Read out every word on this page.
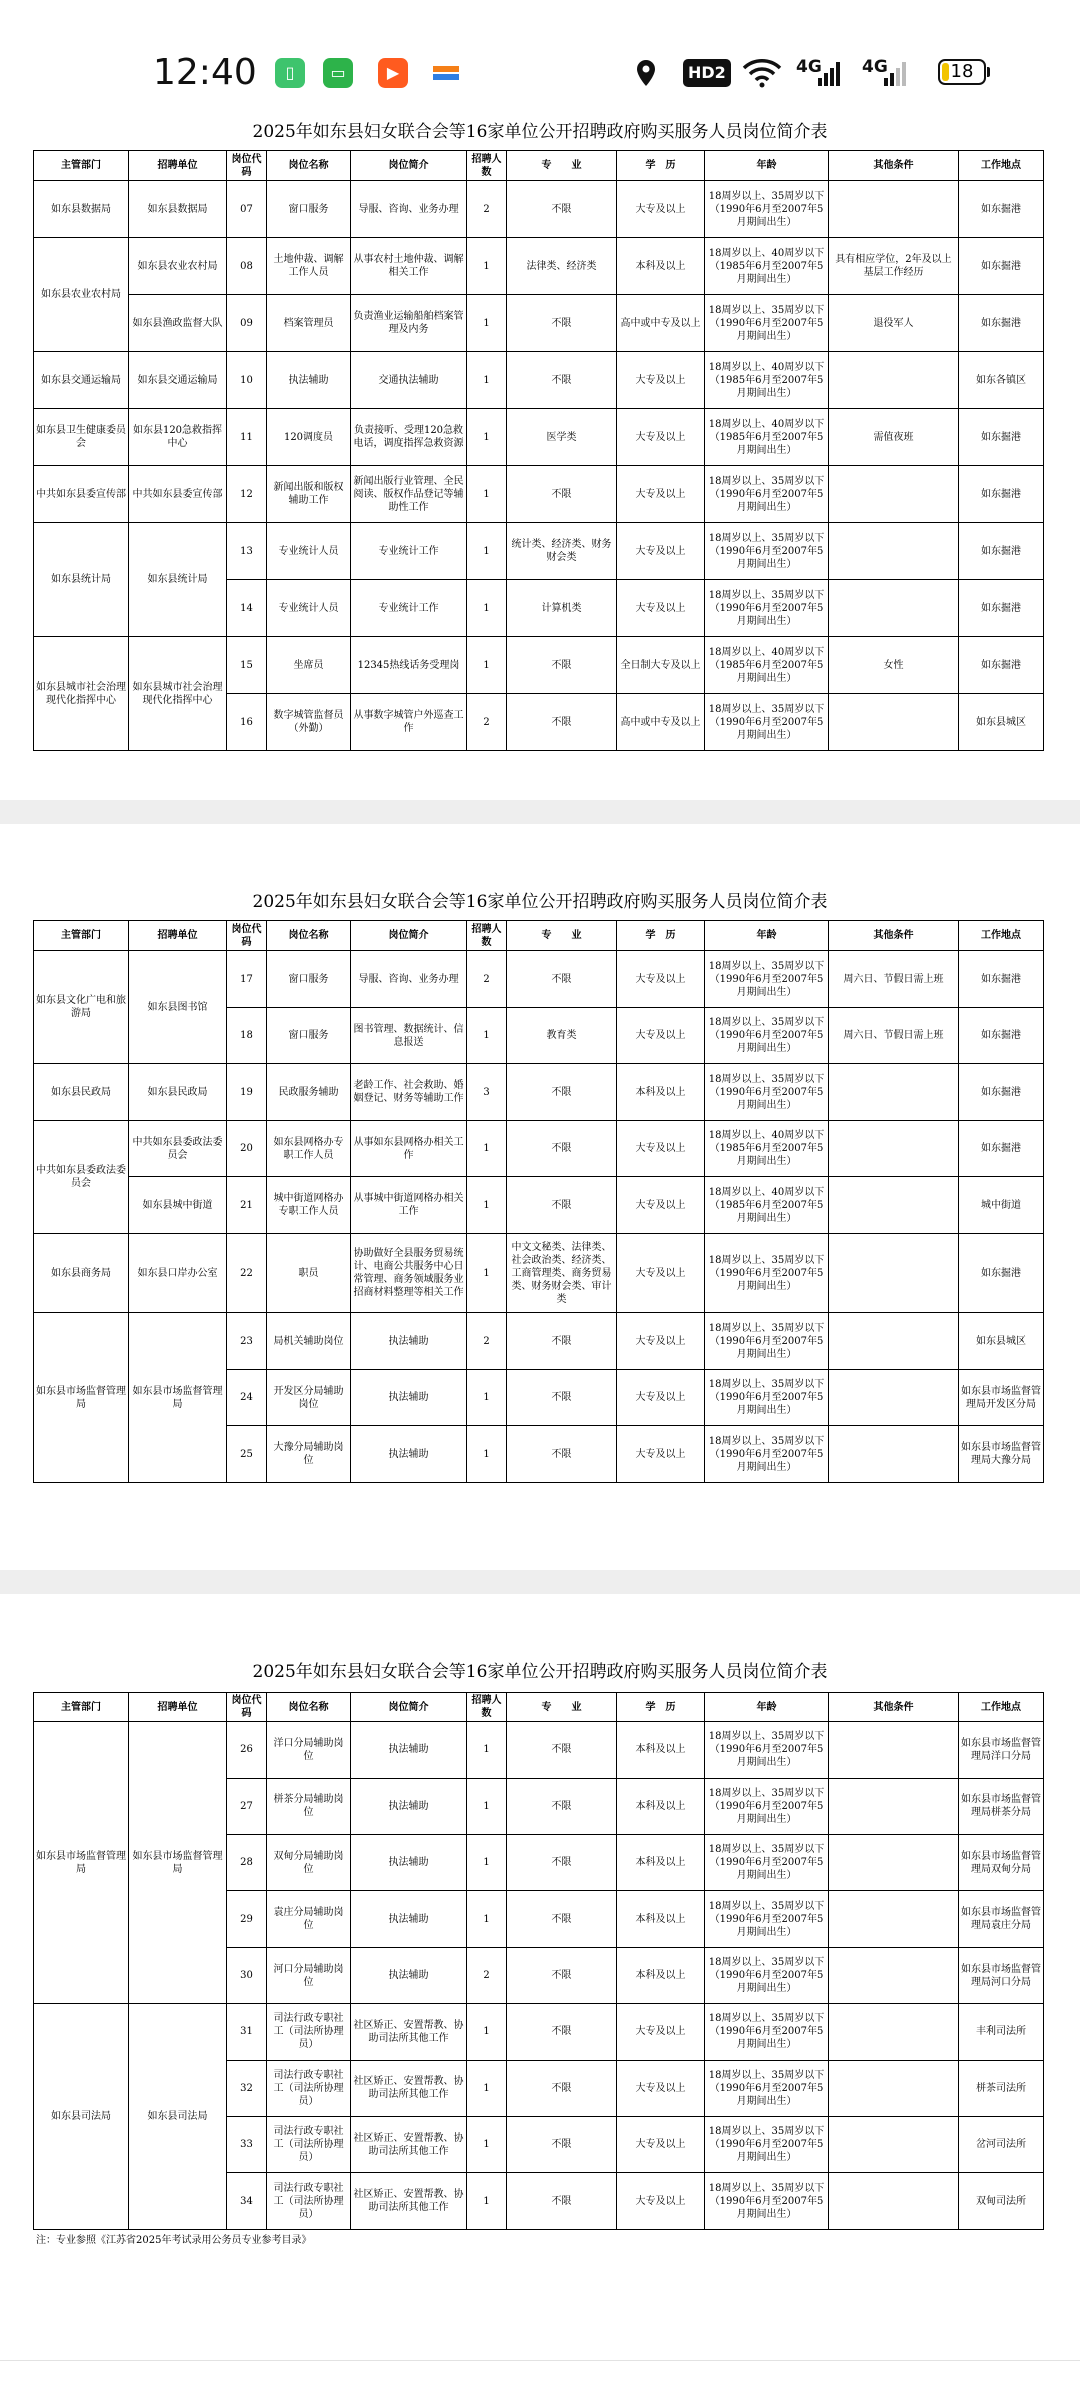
12:40	▯	▭	▶	HD2	4G 4G	18
2025年如东县妇女联合会等16家单位公开招聘政府购买服务人员岗位简介表
2025年如东县妇女联合会等16家单位公开招聘政府购买服务人员岗位简介表
2025年如东县妇女联合会等16家单位公开招聘政府购买服务人员岗位简介表
主管部门	招聘单位	岗位代码	岗位名称	岗位简介	招聘人数	专　　业	学　历	年龄	其他条件	工作地点
如东县数据局	如东县数据局	07	窗口服务	导服、咨询、业务办理	2	不限	大专及以上	18周岁以上、35周岁以下（1990年6月至2007年5月期间出生）		如东掘港
如东县农业农村局	如东县农业农村局	08	土地仲裁、调解工作人员	从事农村土地仲裁、调解相关工作	1	法律类、经济类	本科及以上	18周岁以上、40周岁以下（1985年6月至2007年5月期间出生）	具有相应学位，2年及以上基层工作经历	如东掘港
	如东县渔政监督大队	09	档案管理员	负责渔业运输船舶档案管理及内务	1	不限	高中或中专及以上	18周岁以上、35周岁以下（1990年6月至2007年5月期间出生）	退役军人	如东掘港
如东县交通运输局	如东县交通运输局	10	执法辅助	交通执法辅助	1	不限	大专及以上	18周岁以上、40周岁以下（1985年6月至2007年5月期间出生）		如东各镇区
如东县卫生健康委员会	如东县120急救指挥中心	11	120调度员	负责接听、受理120急救电话，调度指挥急救资源	1	医学类	大专及以上	18周岁以上、40周岁以下（1985年6月至2007年5月期间出生）	需值夜班	如东掘港
中共如东县委宣传部	中共如东县委宣传部	12	新闻出版和版权辅助工作	新闻出版行业管理、全民阅读、版权作品登记等辅助性工作	1	不限	大专及以上	18周岁以上、35周岁以下（1990年6月至2007年5月期间出生）		如东掘港
如东县统计局	如东县统计局	13	专业统计人员	专业统计工作	1	统计类、经济类、财务财会类	大专及以上	18周岁以上、35周岁以下（1990年6月至2007年5月期间出生）		如东掘港
		14	专业统计人员	专业统计工作	1	计算机类	大专及以上	18周岁以上、35周岁以下（1990年6月至2007年5月期间出生）		如东掘港
如东县城市社会治理现代化指挥中心	如东县城市社会治理现代化指挥中心	15	坐席员	12345热线话务受理岗	1	不限	全日制大专及以上	18周岁以上、40周岁以下（1985年6月至2007年5月期间出生）	女性	如东掘港
		16	数字城管监督员（外勤）	从事数字城管户外巡查工作	2	不限	高中或中专及以上	18周岁以上、35周岁以下（1990年6月至2007年5月期间出生）		如东县城区
主管部门	招聘单位	岗位代码	岗位名称	岗位简介	招聘人数	专　　业	学　历	年龄	其他条件	工作地点
如东县文化广电和旅游局	如东县图书馆	17	窗口服务	导服、咨询、业务办理	2	不限	大专及以上	18周岁以上、35周岁以下（1990年6月至2007年5月期间出生）	周六日、节假日需上班	如东掘港
		18	窗口服务	图书管理、数据统计、信息报送	1	教育类	大专及以上	18周岁以上、35周岁以下（1990年6月至2007年5月期间出生）	周六日、节假日需上班	如东掘港
如东县民政局	如东县民政局	19	民政服务辅助	老龄工作、社会救助、婚姻登记、财务等辅助工作	3	不限	本科及以上	18周岁以上、35周岁以下（1990年6月至2007年5月期间出生）		如东掘港
中共如东县委政法委员会	中共如东县委政法委员会	20	如东县网格办专职工作人员	从事如东县网格办相关工作	1	不限	大专及以上	18周岁以上、40周岁以下（1985年6月至2007年5月期间出生）		如东掘港
	如东县城中街道	21	城中街道网格办专职工作人员	从事城中街道网格办相关工作	1	不限	大专及以上	18周岁以上、40周岁以下（1985年6月至2007年5月期间出生）		城中街道
如东县商务局	如东县口岸办公室	22	职员	协助做好全县服务贸易统计、电商公共服务中心日常管理、商务领域服务业招商材料整理等相关工作	1	中文文秘类、法律类、社会政治类、经济类、工商管理类、商务贸易类、财务财会类、审计类	大专及以上	18周岁以上、35周岁以下（1990年6月至2007年5月期间出生）		如东掘港
如东县市场监督管理局	如东县市场监督管理局	23	局机关辅助岗位	执法辅助	2	不限	大专及以上	18周岁以上、35周岁以下（1990年6月至2007年5月期间出生）		如东县城区
		24	开发区分局辅助岗位	执法辅助	1	不限	大专及以上	18周岁以上、35周岁以下（1990年6月至2007年5月期间出生）		如东县市场监督管理局开发区分局
		25	大豫分局辅助岗位	执法辅助	1	不限	大专及以上	18周岁以上、35周岁以下（1990年6月至2007年5月期间出生）		如东县市场监督管理局大豫分局
主管部门	招聘单位	岗位代码	岗位名称	岗位简介	招聘人数	专　　业	学　历	年龄	其他条件	工作地点
如东县市场监督管理局	如东县市场监督管理局	26	洋口分局辅助岗位	执法辅助	1	不限	本科及以上	18周岁以上、35周岁以下（1990年6月至2007年5月期间出生）		如东县市场监督管理局洋口分局
		27	栟茶分局辅助岗位	执法辅助	1	不限	本科及以上	18周岁以上、35周岁以下（1990年6月至2007年5月期间出生）		如东县市场监督管理局栟茶分局
		28	双甸分局辅助岗位	执法辅助	1	不限	本科及以上	18周岁以上、35周岁以下（1990年6月至2007年5月期间出生）		如东县市场监督管理局双甸分局
		29	袁庄分局辅助岗位	执法辅助	1	不限	本科及以上	18周岁以上、35周岁以下（1990年6月至2007年5月期间出生）		如东县市场监督管理局袁庄分局
		30	河口分局辅助岗位	执法辅助	2	不限	本科及以上	18周岁以上、35周岁以下（1990年6月至2007年5月期间出生）		如东县市场监督管理局河口分局
如东县司法局	如东县司法局	31	司法行政专职社工（司法所协理员）	社区矫正、安置帮教、协助司法所其他工作	1	不限	大专及以上	18周岁以上、35周岁以下（1990年6月至2007年5月期间出生）		丰利司法所
		32	司法行政专职社工（司法所协理员）	社区矫正、安置帮教、协助司法所其他工作	1	不限	大专及以上	18周岁以上、35周岁以下（1990年6月至2007年5月期间出生）		栟茶司法所
		33	司法行政专职社工（司法所协理员）	社区矫正、安置帮教、协助司法所其他工作	1	不限	大专及以上	18周岁以上、35周岁以下（1990年6月至2007年5月期间出生）		岔河司法所
		34	司法行政专职社工（司法所协理员）	社区矫正、安置帮教、协助司法所其他工作	1	不限	大专及以上	18周岁以上、35周岁以下（1990年6月至2007年5月期间出生）		双甸司法所
注：专业参照《江苏省2025年考试录用公务员专业参考目录》
